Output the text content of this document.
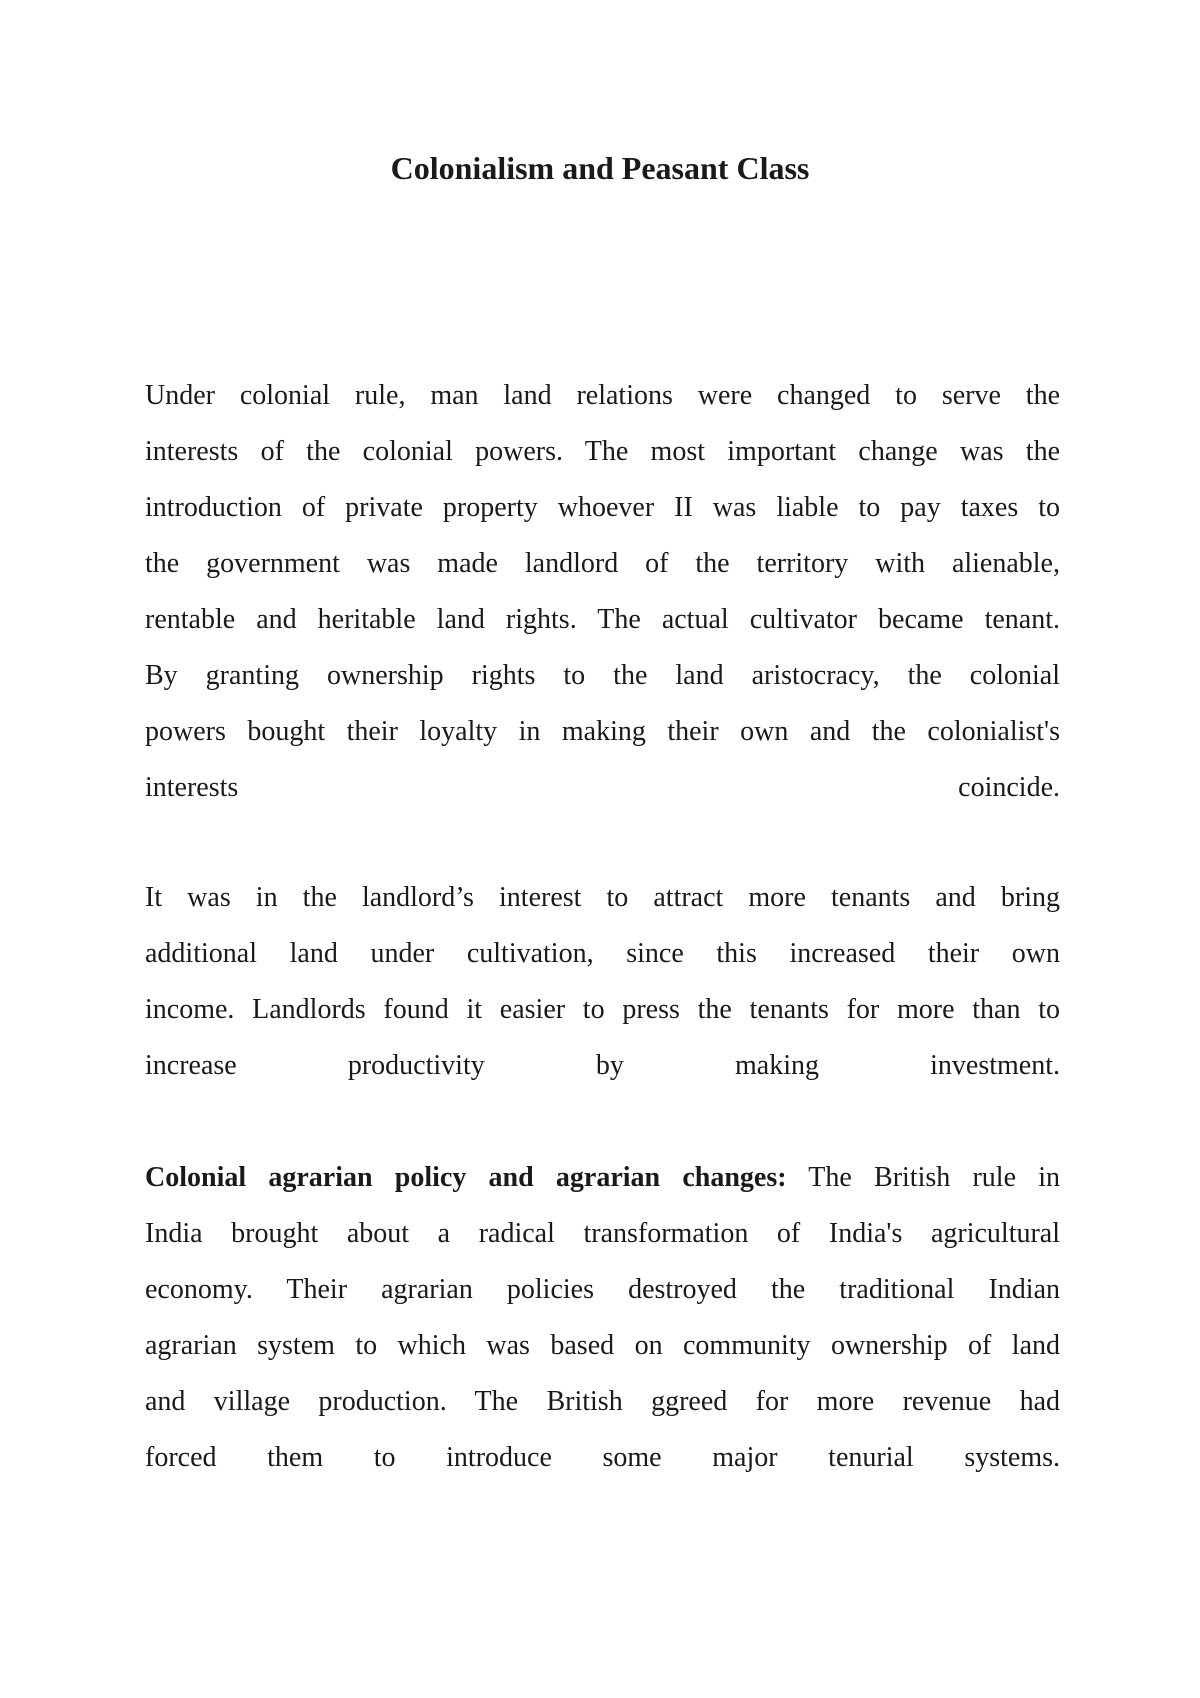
Colonialism and Peasant Class
Under colonial rule, man land relations were changed to serve the
interests of the colonial powers. The most important change was the
introduction of private property whoever II was liable to pay taxes to
the government was made landlord of the territory with alienable,
rentable and heritable land rights. The actual cultivator became tenant.
By granting ownership rights to the land aristocracy, the colonial
powers bought their loyalty in making their own and the colonialist's
interests coincide.
It was in the landlord’s interest to attract more tenants and bring
additional land under cultivation, since this increased their own
income. Landlords found it easier to press the tenants for more than to
increase productivity by making investment.
Colonial agrarian policy and agrarian changes: The British rule in
India brought about a radical transformation of India's agricultural
economy. Their agrarian policies destroyed the traditional Indian
agrarian system to which was based on community ownership of land
and village production. The British ggreed for more revenue had
forced them to introduce some major tenurial systems.
